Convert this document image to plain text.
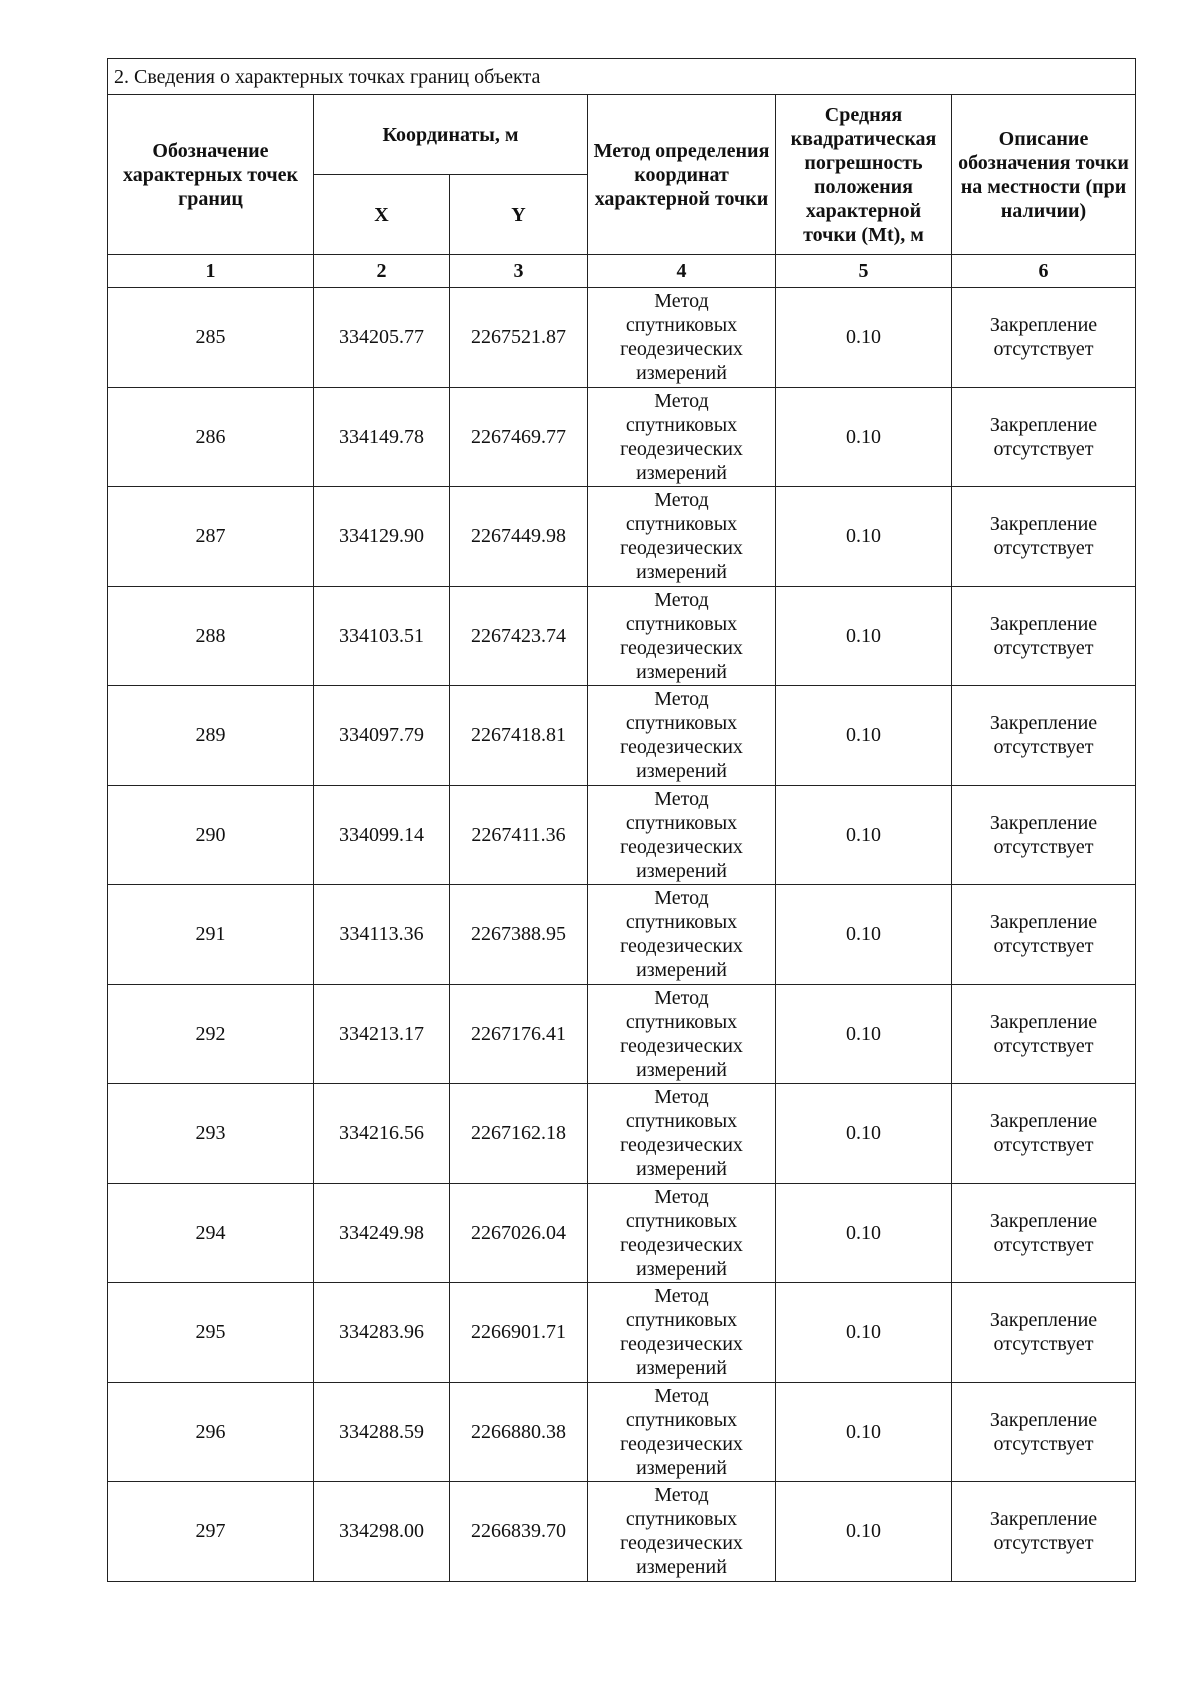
2. Сведения о характерных точках границ объекта					
Обозначение характерных точек границ	Координаты, м		Метод определения координат характерной точки	Средняя квадратическая погрешность положения характерной точки (Mt), м	Описание обозначения точки на местности (при наличии)
	X	Y			
1	2	3	4	5	6
285	334205.77	2267521.87	Метод
спутниковых
геодезических
измерений	0.10	Закрепление
отсутствует

286	334149.78	2267469.77	Метод
спутниковых
геодезических
измерений	0.10	Закрепление
отсутствует

287	334129.90	2267449.98	Метод
спутниковых
геодезических
измерений	0.10	Закрепление
отсутствует

288	334103.51	2267423.74	Метод
спутниковых
геодезических
измерений	0.10	Закрепление
отсутствует

289	334097.79	2267418.81	Метод
спутниковых
геодезических
измерений	0.10	Закрепление
отсутствует

290	334099.14	2267411.36	Метод
спутниковых
геодезических
измерений	0.10	Закрепление
отсутствует

291	334113.36	2267388.95	Метод
спутниковых
геодезических
измерений	0.10	Закрепление
отсутствует

292	334213.17	2267176.41	Метод
спутниковых
геодезических
измерений	0.10	Закрепление
отсутствует

293	334216.56	2267162.18	Метод
спутниковых
геодезических
измерений	0.10	Закрепление
отсутствует

294	334249.98	2267026.04	Метод
спутниковых
геодезических
измерений	0.10	Закрепление
отсутствует

295	334283.96	2266901.71	Метод
спутниковых
геодезических
измерений	0.10	Закрепление
отсутствует

296	334288.59	2266880.38	Метод
спутниковых
геодезических
измерений	0.10	Закрепление
отсутствует

297	334298.00	2266839.70	Метод
спутниковых
геодезических
измерений	0.10	Закрепление
отсутствует
